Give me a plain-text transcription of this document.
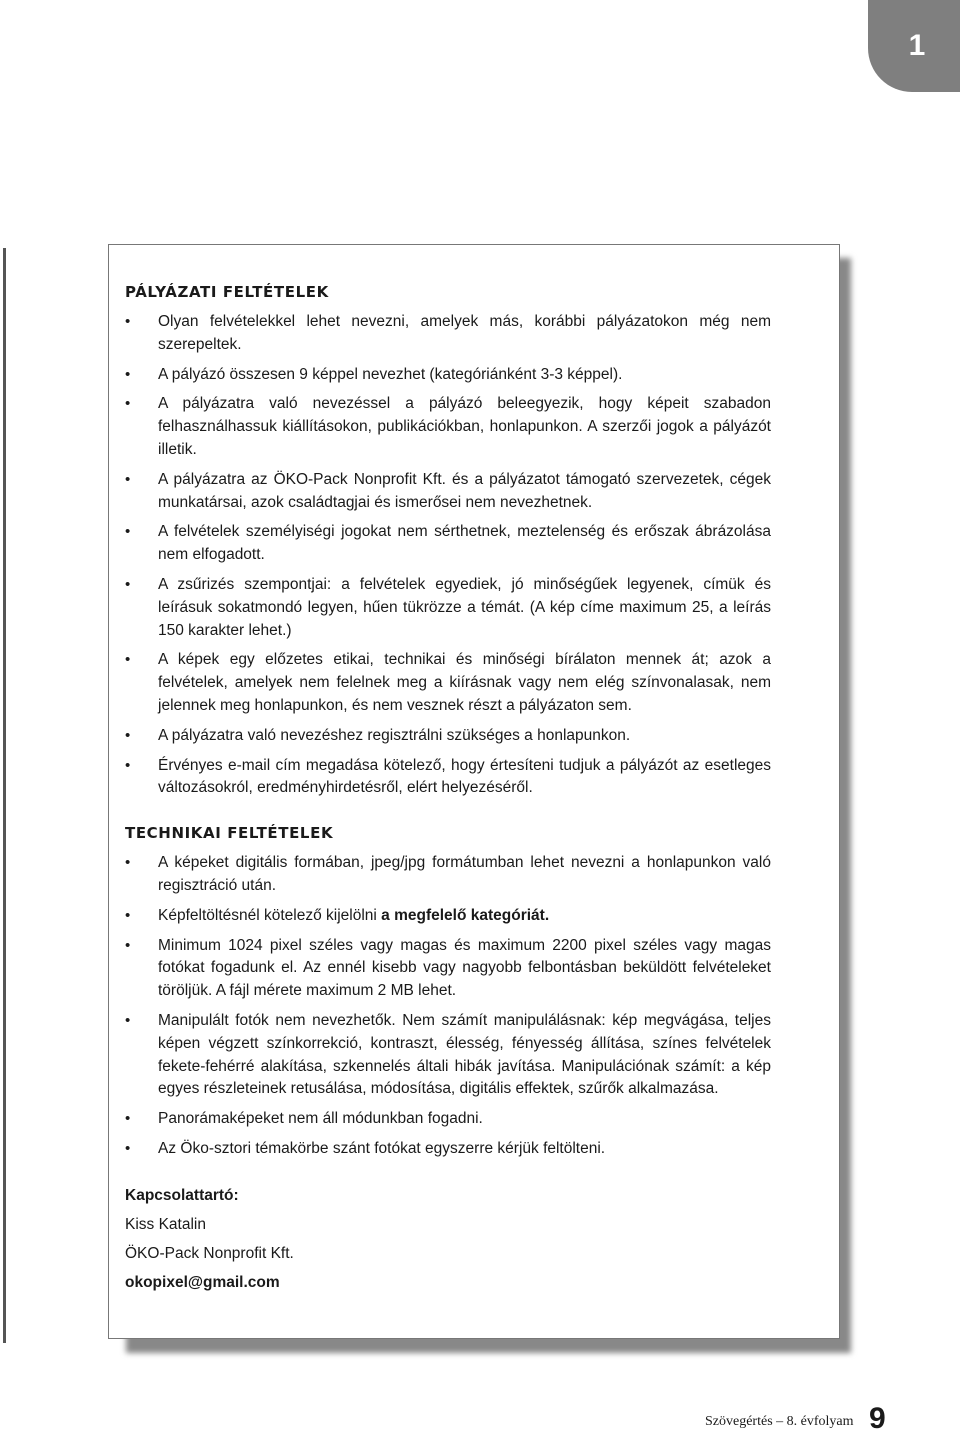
1
PÁLYÁZATI FELTÉTELEK
• Olyan felvételekkel lehet nevezni, amelyek más, korábbi pályázatokon még nem szerepeltek.
• A pályázó összesen 9 képpel nevezhet (kategóriánként 3-3 képpel).
• A pályázatra való nevezéssel a pályázó beleegyezik, hogy képeit szabadon felhasználhassuk kiállításokon, publikációkban, honlapunkon. A szerzői jogok a pályázót illetik.
• A pályázatra az ÖKO-Pack Nonprofit Kft. és a pályázatot támogató szervezetek, cégek munkatársai, azok családtagjai és ismerősei nem nevezhetnek.
• A felvételek személyiségi jogokat nem sérthetnek, meztelenség és erőszak ábrázolása nem elfogadott.
• A zsűrizés szempontjai: a felvételek egyediek, jó minőségűek legyenek, címük és leírásuk sokatmondó legyen, hűen tükrözze a témát. (A kép címe maximum 25, a leírás 150 karakter lehet.)
• A képek egy előzetes etikai, technikai és minőségi bírálaton mennek át; azok a felvételek, amelyek nem felelnek meg a kiírásnak vagy nem elég színvonalasak, nem jelennek meg honlapunkon, és nem vesznek részt a pályázaton sem.
• A pályázatra való nevezéshez regisztrálni szükséges a honlapunkon.
• Érvényes e-mail cím megadása kötelező, hogy értesíteni tudjuk a pályázót az esetleges változásokról, eredményhirdetésről, elért helyezéséről.
TECHNIKAI FELTÉTELEK
• A képeket digitális formában, jpeg/jpg formátumban lehet nevezni a honlapunkon való regisztráció után.
• Képfeltöltésnél kötelező kijelölni a megfelelő kategóriát.
• Minimum 1024 pixel széles vagy magas és maximum 2200 pixel széles vagy magas fotókat fogadunk el. Az ennél kisebb vagy nagyobb felbontásban beküldött felvételeket töröljük. A fájl mérete maximum 2 MB lehet.
• Manipulált fotók nem nevezhetők. Nem számít manipulálásnak: kép megvágása, teljes képen végzett színkorrekció, kontraszt, élesség, fényesség állítása, színes felvételek fekete-fehérré alakítása, szkennelés általi hibák javítása. Manipulációnak számít: a kép egyes részleteinek retusálása, módosítása, digitális effektek, szűrők alkalmazása.
• Panorámaképeket nem áll módunkban fogadni.
• Az Öko-sztori témakörbe szánt fotókat egyszerre kérjük feltölteni.
Kapcsolattartó:
Kiss Katalin
ÖKO-Pack Nonprofit Kft.
okopixel@gmail.com
Szövegértés – 8. évfolyam 9
